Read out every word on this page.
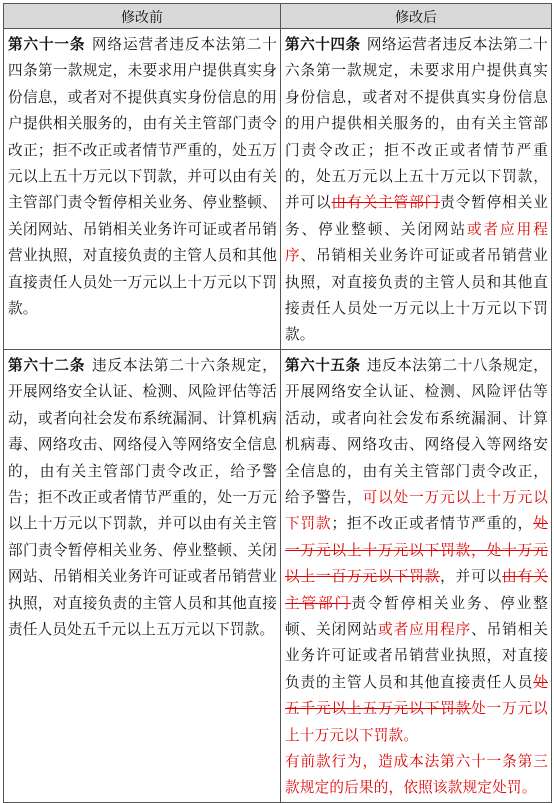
修改前	修改后
第六十一条 网络运营者违反本法第二十四条第一款规定，未要求用户提供真实身份信息，或者对不提供真实身份信息的用户提供相关服务的，由有关主管部门责令改正；拒不改正或者情节严重的，处五万元以上五十万元以下罚款，并可以由有关主管部门责令暂停相关业务、停业整顿、关闭网站、吊销相关业务许可证或者吊销营业执照，对直接负责的主管人员和其他直接责任人员处一万元以上十万元以下罚款。	第六十四条 网络运营者违反本法第二十六条第一款规定，未要求用户提供真实身份信息，或者对不提供真实身份信息的用户提供相关服务的，由有关主管部门责令改正；拒不改正或者情节严重的，处五万元以上五十万元以下罚款，并可以由有关主管部门责令暂停相关业务、停业整顿、关闭网站或者应用程序、吊销相关业务许可证或者吊销营业执照，对直接负责的主管人员和其他直接责任人员处一万元以上十万元以下罚款。
第六十二条 违反本法第二十六条规定，开展网络安全认证、检测、风险评估等活动，或者向社会发布系统漏洞、计算机病毒、网络攻击、网络侵入等网络安全信息的，由有关主管部门责令改正，给予警告；拒不改正或者情节严重的，处一万元以上十万元以下罚款，并可以由有关主管部门责令暂停相关业务、停业整顿、关闭网站、吊销相关业务许可证或者吊销营业执照，对直接负责的主管人员和其他直接责任人员处五千元以上五万元以下罚款。	第六十五条 违反本法第二十八条规定，开展网络安全认证、检测、风险评估等活动，或者向社会发布系统漏洞、计算机病毒、网络攻击、网络侵入等网络安全信息的，由有关主管部门责令改正，给予警告，可以处一万元以上十万元以下罚款；拒不改正或者情节严重的，处一万元以上十万元以下罚款，处十万元以上一百万元以下罚款，并可以由有关主管部门责令暂停相关业务、停业整顿、关闭网站或者应用程序、吊销相关业务许可证或者吊销营业执照，对直接负责的主管人员和其他直接责任人员处五千元以上五万元以下罚款处一万元以上十万元以下罚款。
有前款行为，造成本法第六十一条第三款规定的后果的，依照该款规定处罚。
